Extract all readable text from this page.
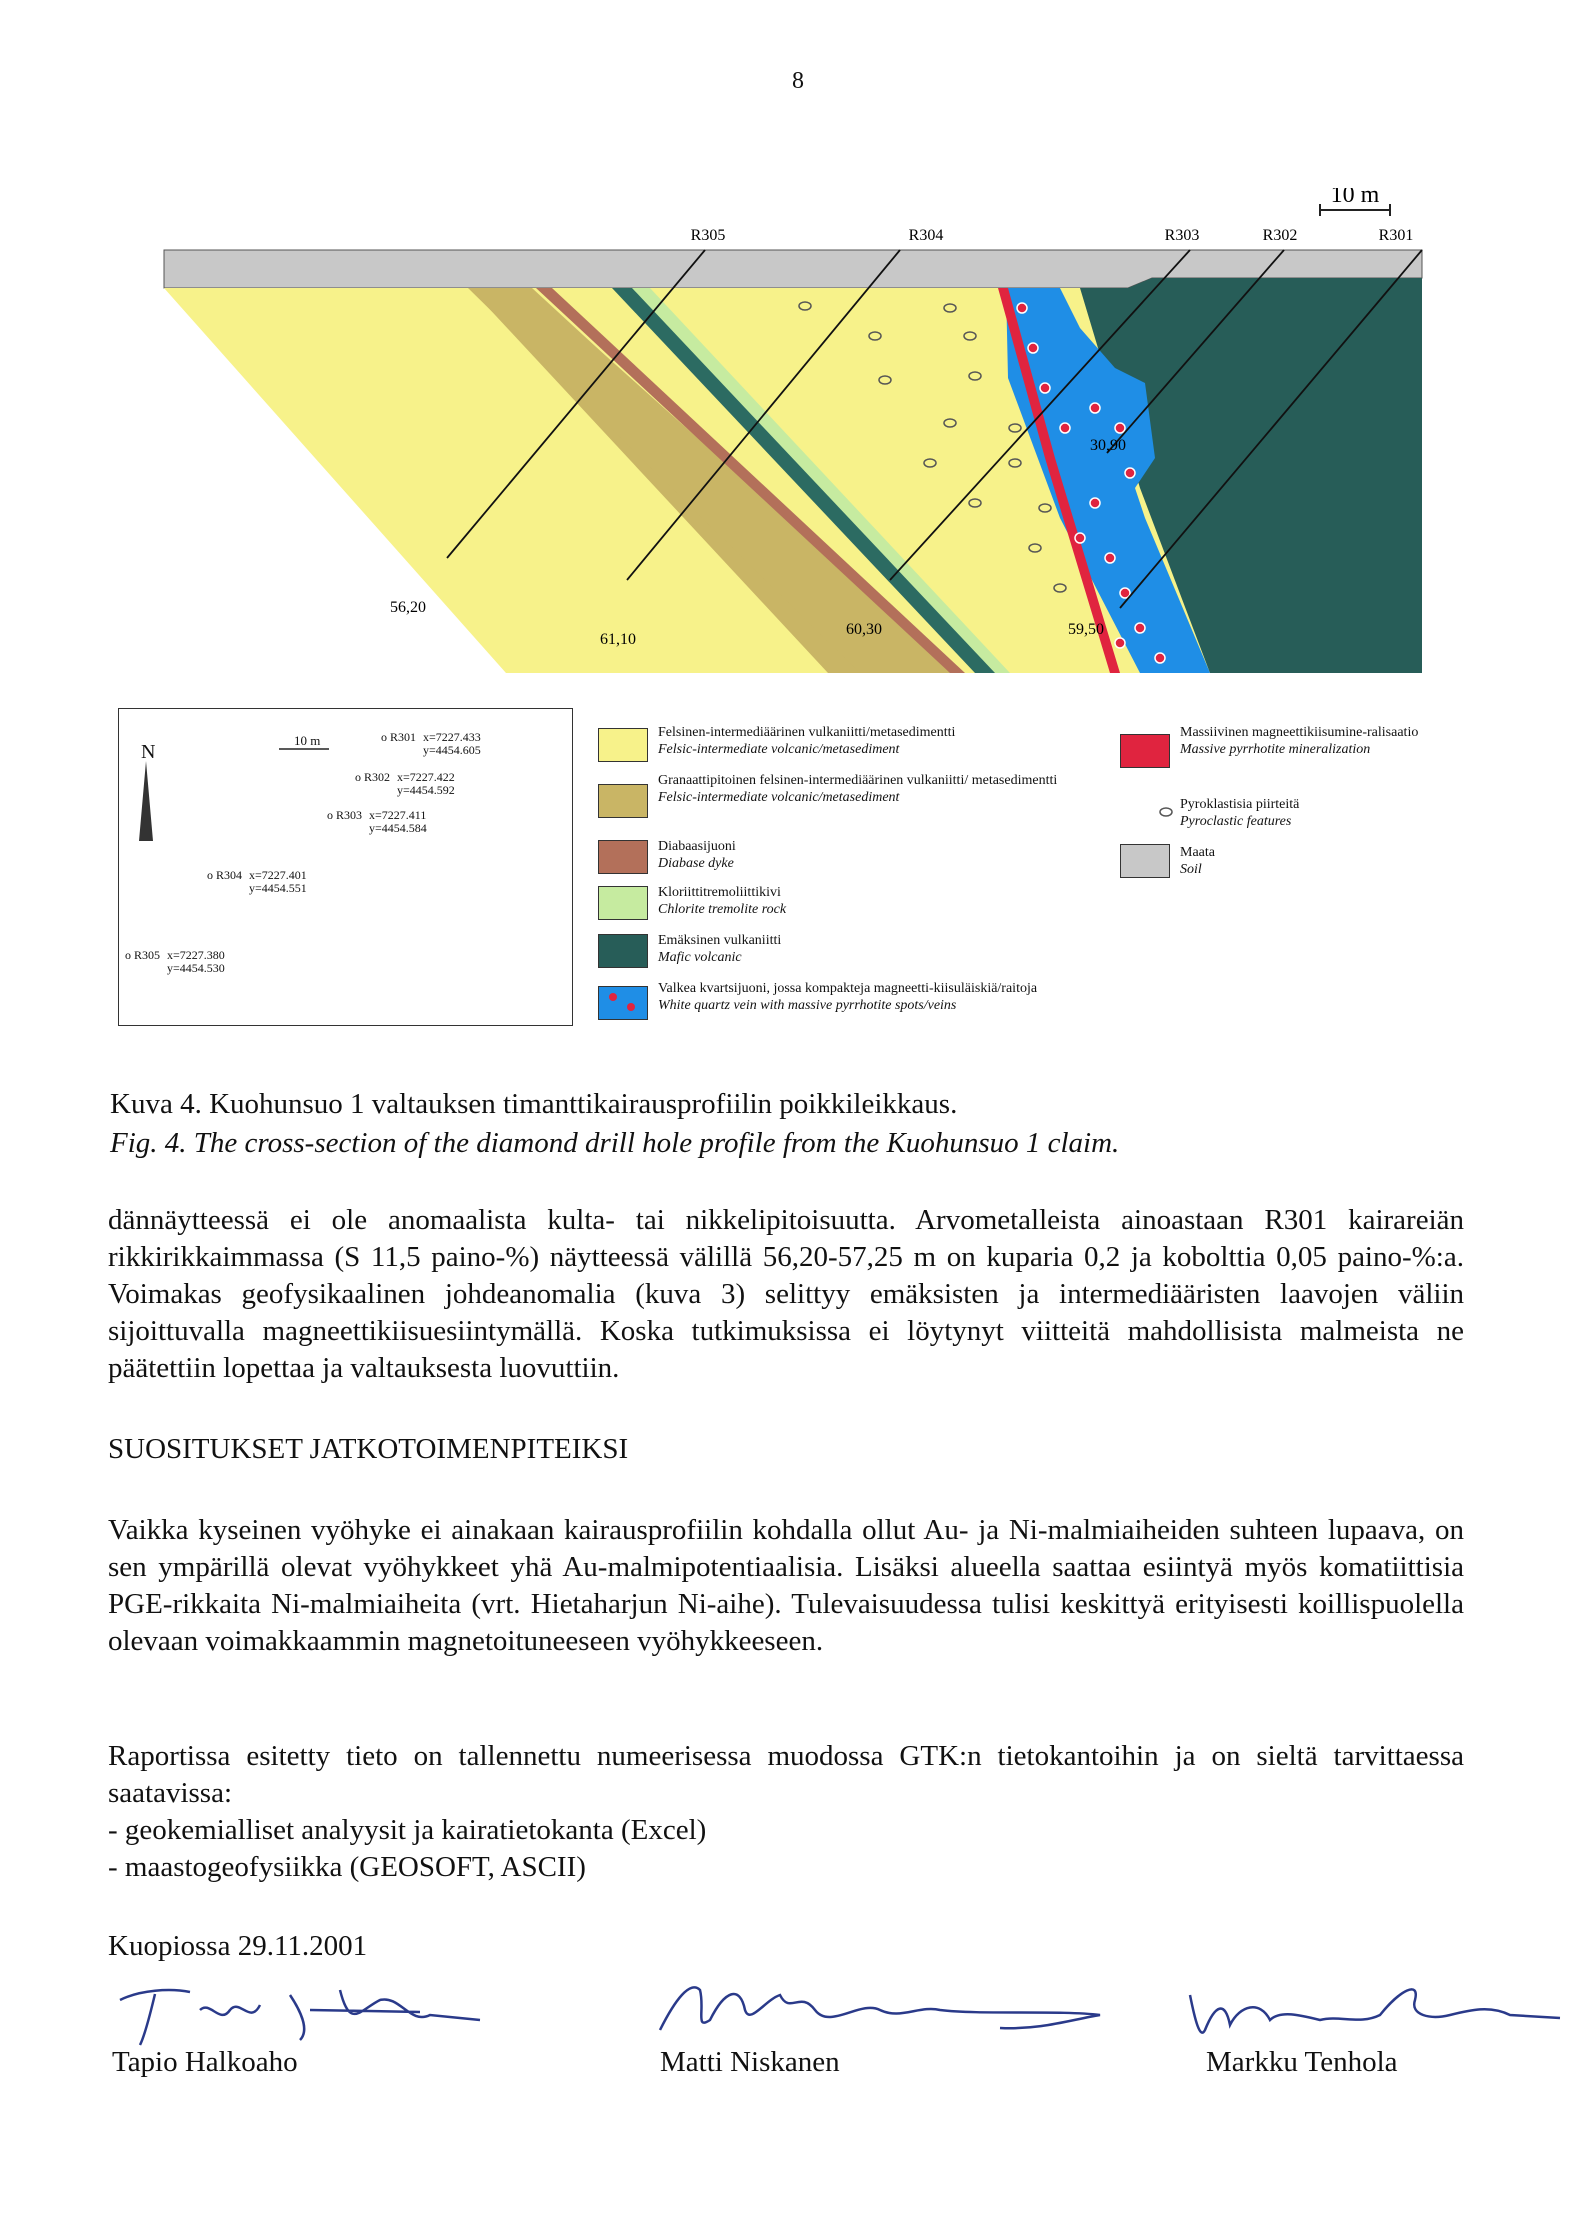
8
10 m
R305	R304	R303	R302	R301
56,20
61,10
60,30	59,50
30,90
N
10 m	o R301 x=7227.433
y=4454.605
o R302 x=7227.422
y=4454.592
o R303 x=7227.411
y=4454.584
o R304 x=7227.401
y=4454.551
o R305 x=7227.380
y=4454.530
Felsinen-intermediäärinen vulkaniitti/metasedimentti
Felsic-intermediate volcanic/metasediment
Granaattipitoinen felsinen-intermediäärinen vulkaniitti/ metasedimentti
Felsic-intermediate volcanic/metasediment
Diabaasijuoni
Diabase dyke
Kloriittitremoliittikivi
Chlorite tremolite rock
Emäksinen vulkaniitti
Mafic volcanic
Valkea kvartsijuoni, jossa kompakteja magneetti-kiisuläiskiä/raitoja
White quartz vein with massive pyrrhotite spots/veins
Massiivinen magneettikiisumine-ralisaatio
Massive pyrrhotite mineralization
Pyroklastisia piirteitä
Pyroclastic features
Maata
Soil
Kuva 4. Kuohunsuo 1 valtauksen timanttikairausprofiilin poikkileikkaus.
Fig. 4. The cross-section of the diamond drill hole profile from the Kuohunsuo 1 claim.

dännäytteessä ei ole anomaalista kulta- tai nikkelipitoisuutta. Arvometalleista ainoastaan R301 kairareiän rikkirikkaimmassa (S 11,5 paino-%) näytteessä välillä 56,20-57,25 m on kuparia 0,2 ja kobolttia 0,05 paino-%:a. Voimakas geofysikaalinen johdeanomalia (kuva 3) selittyy emäksisten ja intermediääristen laavojen väliin sijoittuvalla magneettikiisuesiintymällä. Koska tutkimuksissa ei löytynyt viitteitä mahdollisista malmeista ne päätettiin lopettaa ja valtauksesta luovuttiin.

SUOSITUKSET JATKOTOIMENPITEIKSI

Vaikka kyseinen vyöhyke ei ainakaan kairausprofiilin kohdalla ollut Au- ja Ni-malmiaiheiden suhteen lupaava, on sen ympärillä olevat vyöhykkeet yhä Au-malmipotentiaalisia. Lisäksi alueella saattaa esiintyä myös komatiittisia PGE-rikkaita Ni-malmiaiheita (vrt. Hietaharjun Ni-aihe). Tulevaisuudessa tulisi keskittyä erityisesti koillispuolella olevaan voimakkaammin magnetoituneeseen vyöhykkeeseen.

Raportissa esitetty tieto on tallennettu numeerisessa muodossa GTK:n tietokantoihin ja on sieltä tarvittaessa saatavissa:

- geokemialliset analyysit ja kairatietokanta (Excel)

- maastogeofysiikka (GEOSOFT, ASCII)

Kuopiossa 29.11.2001
Tapio Halkoaho	Matti Niskanen	Markku Tenhola
